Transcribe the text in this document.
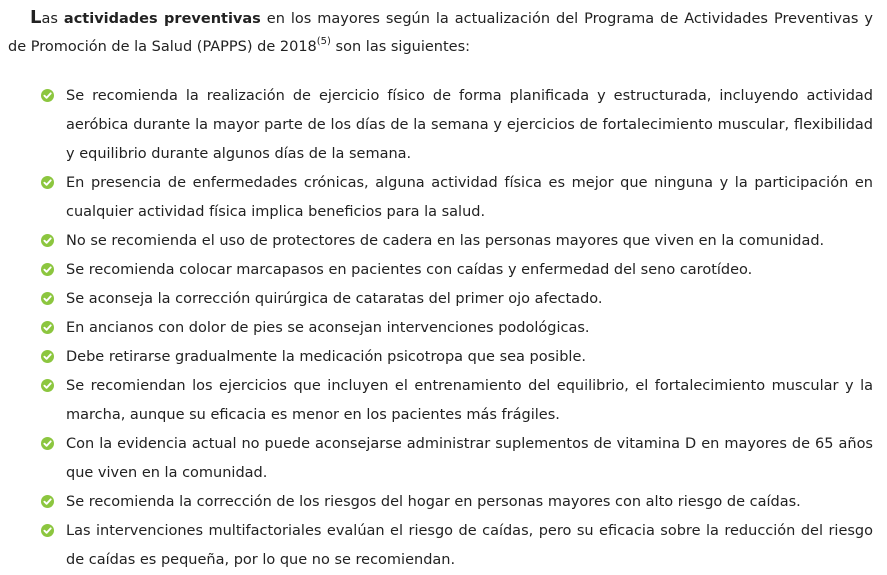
Las actividades preventivas en los mayores según la actualización del Programa de Actividades Preventivas y de Promoción de la Salud (PAPPS) de 2018$^{(5)}$ son las siguientes:

Se recomienda la realización de ejercicio físico de forma planificada y estructurada, incluyendo actividad aeróbica durante la mayor parte de los días de la semana y ejercicios de fortalecimiento muscular, flexibilidad y equilibrio durante algunos días de la semana.
En presencia de enfermedades crónicas, alguna actividad física es mejor que ninguna y la participación en cualquier actividad física implica beneficios para la salud.
No se recomienda el uso de protectores de cadera en las personas mayores que viven en la comunidad.
Se recomienda colocar marcapasos en pacientes con caídas y enfermedad del seno carotídeo.
Se aconseja la corrección quirúrgica de cataratas del primer ojo afectado.
En ancianos con dolor de pies se aconsejan intervenciones podológicas.
Debe retirarse gradualmente la medicación psicotropa que sea posible.
Se recomiendan los ejercicios que incluyen el entrenamiento del equilibrio, el fortalecimiento muscular y la marcha, aunque su eficacia es menor en los pacientes más frágiles.
Con la evidencia actual no puede aconsejarse administrar suplementos de vitamina D en mayores de 65 años que viven en la comunidad.
Se recomienda la corrección de los riesgos del hogar en personas mayores con alto riesgo de caídas.
Las intervenciones multifactoriales evalúan el riesgo de caídas, pero su eficacia sobre la reducción del riesgo de caídas es pequeña, por lo que no se recomiendan.
